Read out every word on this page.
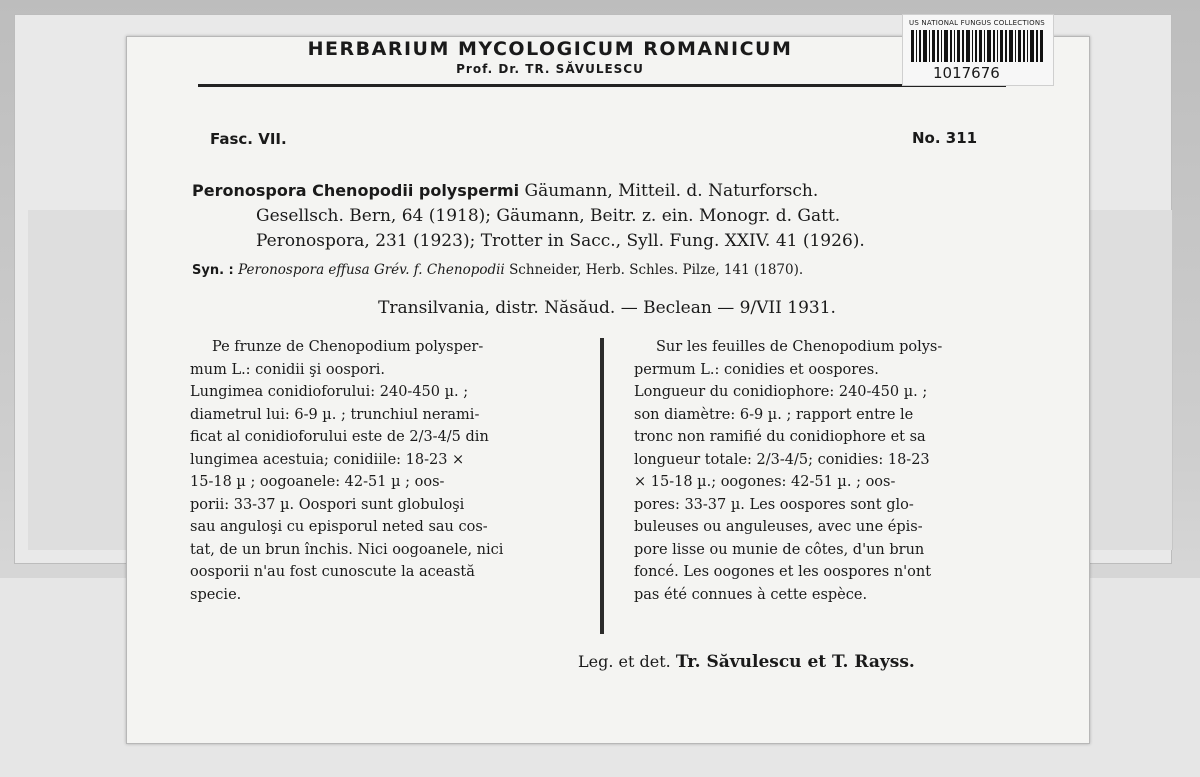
HERBARIUM MYCOLOGICUM ROMANICUM
Prof. Dr. TR. SĂVULESCU
US NATIONAL FUNGUS COLLECTIONS
1017676
Fasc. VII.	No. 311
Peronospora Chenopodii polyspermi Gäumann, Mitteil. d. Naturforsch.
Gesellsch. Bern, 64 (1918); Gäumann, Beitr. z. ein. Monogr. d. Gatt.
Peronospora, 231 (1923); Trotter in Sacc., Syll. Fung. XXIV. 41 (1926).
Syn. : Peronospora effusa Grév. f. Chenopodii Schneider, Herb. Schles. Pilze, 141 (1870).
Transilvania, distr. Năsăud. — Beclean — 9/VII 1931.
Pe frunze de Chenopodium polysper-
mum L.: conidii şi oospori.
Lungimea conidioforului: 240-450 µ. ;
diametrul lui: 6-9 µ. ; trunchiul nerami-
ficat al conidioforului este de 2/3-4/5 din
lungimea acestuia; conidiile: 18-23 ×
15-18 µ ; oogoanele: 42-51 µ ; oos-
porii: 33-37 µ. Oospori sunt globuloşi
sau anguloşi cu episporul neted sau cos-
tat, de un brun închis. Nici oogoanele, nici
oosporii n'au fost cunoscute la această
specie.
Sur les feuilles de Chenopodium polys-
permum L.: conidies et oospores.
Longueur du conidiophore: 240-450 µ. ;
son diamètre: 6-9 µ. ; rapport entre le
tronc non ramifié du conidiophore et sa
longueur totale: 2/3-4/5; conidies: 18-23
× 15-18 µ.; oogones: 42-51 µ. ; oos-
pores: 33-37 µ. Les oospores sont glo-
buleuses ou anguleuses, avec une épis-
pore lisse ou munie de côtes, d'un brun
foncé. Les oogones et les oospores n'ont
pas été connues à cette espèce.
Leg. et det. Tr. Săvulescu et T. Rayss.
